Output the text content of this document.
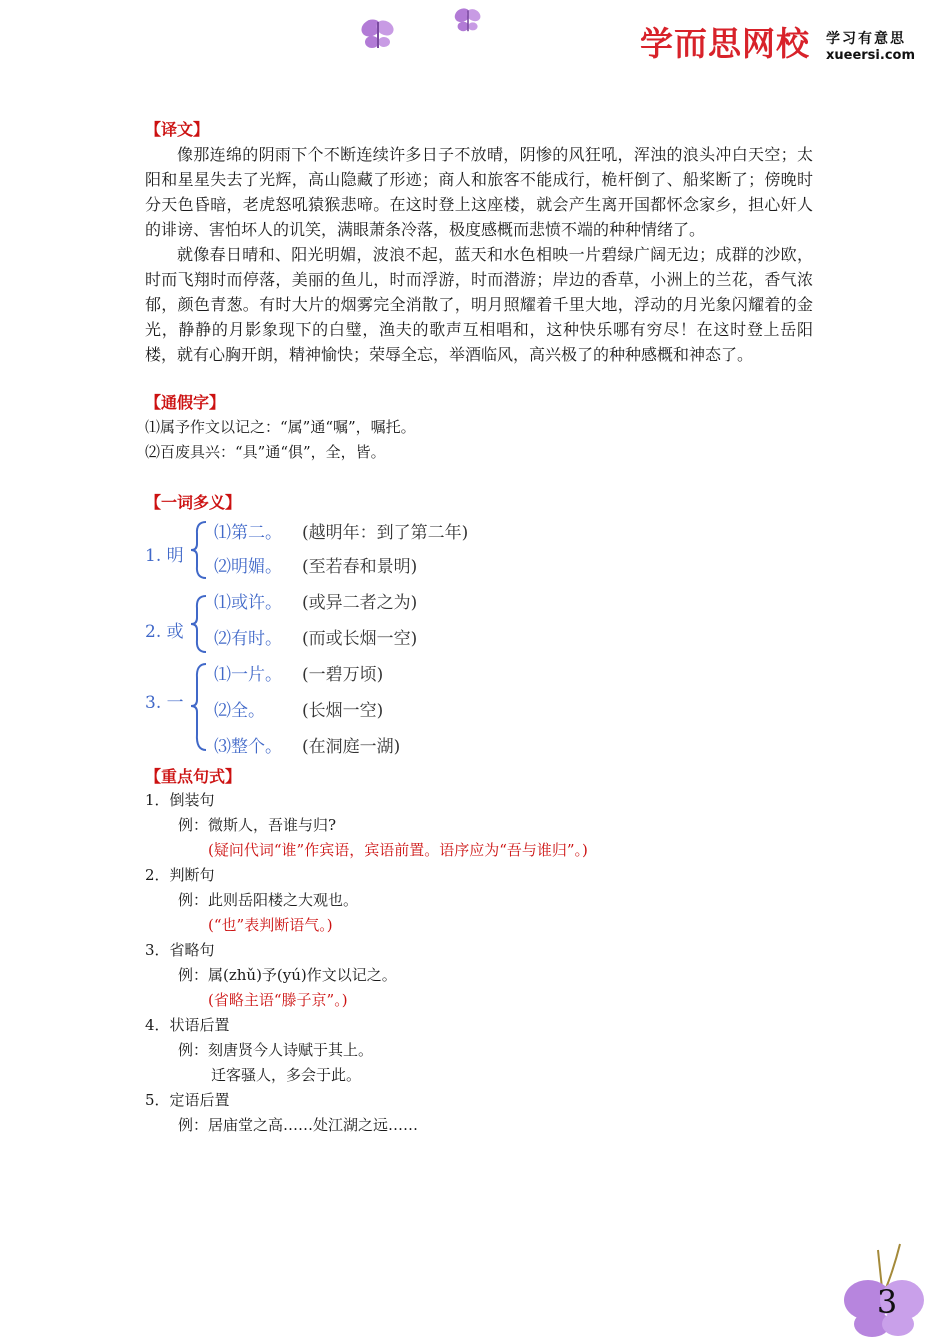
学而思网校 学习有意思
xueersi.com
【译文】

像那连绵的阴雨下个不断连续许多日子不放晴，阴惨的风狂吼，浑浊的浪头冲白天空；太阳和星星失去了光辉，高山隐藏了形迹；商人和旅客不能成行，桅杆倒了、船桨断了；傍晚时分天色昏暗，老虎怒吼猿猴悲啼。在这时登上这座楼，就会产生离开国都怀念家乡，担心奸人的诽谤、害怕坏人的讥笑，满眼萧条冷落，极度感概而悲愤不端的种种情绪了。

就像春日晴和、阳光明媚，波浪不起，蓝天和水色相映一片碧绿广阔无边；成群的沙欧，时而飞翔时而停落，美丽的鱼儿，时而浮游，时而潜游；岸边的香草，小洲上的兰花，香气浓郁，颜色青葱。有时大片的烟雾完全消散了，明月照耀着千里大地，浮动的月光象闪耀着的金光，静静的月影象现下的白璧，渔夫的歌声互相唱和，这种快乐哪有穷尽！在这时登上岳阳楼，就有心胸开朗，精神愉快；荣辱全忘，举酒临风，高兴极了的种种感概和神态了。

【通假字】
⑴属予作文以记之：“属”通“嘱”，嘱托。
⑵百废具兴：“具”通“俱”，全，皆。
【一词多义】
1. 明
⑴第二。 (越明年：到了第二年)
⑵明媚。 (至若春和景明)
2. 或
⑴或许。 (或异二者之为)
⑵有时。 (而或长烟一空)
3. 一
⑴一片。 (一碧万顷)
⑵全。 (长烟一空)
⑶整个。 (在洞庭一湖)
【重点句式】
1．倒装句
例：微斯人，吾谁与归?
(疑问代词“谁”作宾语，宾语前置。语序应为“吾与谁归”。)
2．判断句
例：此则岳阳楼之大观也。
(“也”表判断语气。)
3．省略句
例：属(zhǔ)予(yú)作文以记之。
(省略主语“滕子京”。)
4．状语后置
例：刻唐贤今人诗赋于其上。
迁客骚人，多会于此。
5．定语后置
例：居庙堂之高……处江湖之远……
3
